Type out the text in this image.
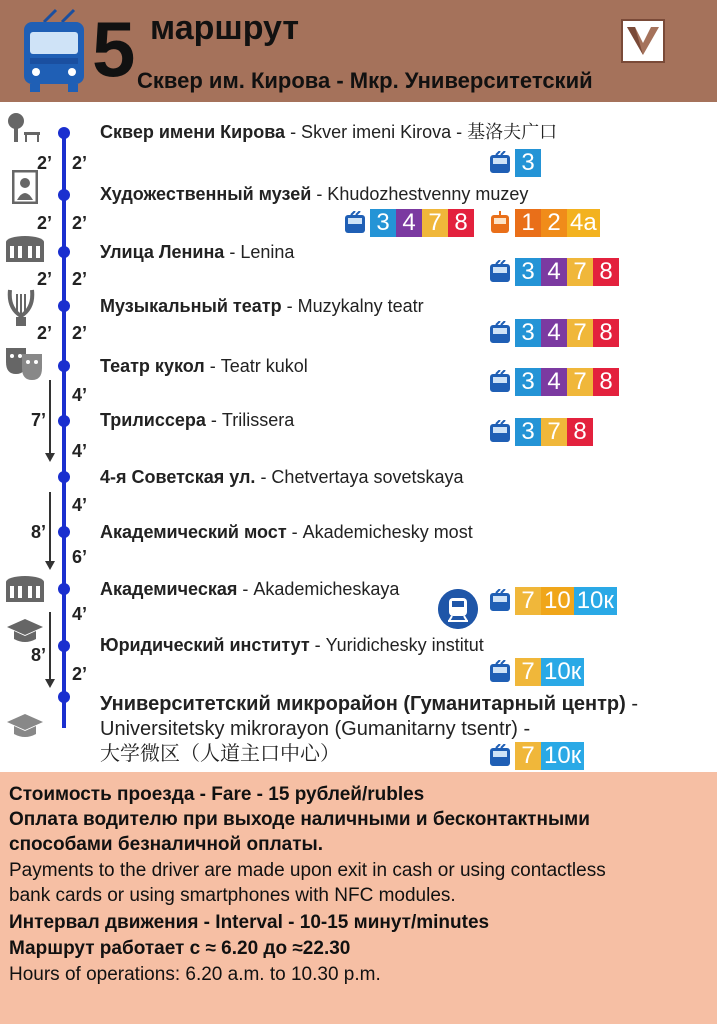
5 маршрут
Сквер им. Кирова - Мкр. Университетский
Сквер имени Кирова - Skver imeni Kirova - 基洛夫广口
Художественный музей - Khudozhestvenny muzey
Улица Ленина - Lenina
Музыкальный театр - Muzykalny teatr
Театр кукол - Teatr kukol
Трилиссера - Trilissera
4-я Советская ул. - Chetvertaya sovetskaya
Академический мост - Akademichesky most
Академическая - Akademicheskaya
Юридический институт - Yuridichesky institut
Университетский микрорайон (Гуманитарный центр) -
Universitetsky mikrorayon (Gumanitarny tsentr) -
大学微区（人道主口中心）
2’ 2’
2’ 2’
2’ 2’
2’ 2’
4’
4’
7’
4’
6’
8’
4’
2’
8’
3
3 4 7 8 1 2 4а
3 4 7 8
3 4 7 8
3 4 7 8
3 7 8
7 10 10к
7 10к
7 10к

Стоимость проезда - Fare - 15 рублей/rubles

Оплата водителю при выходе наличными и бесконтактными

способами безналичной оплаты.

Payments to the driver are made upon exit in cash or using contactless

bank cards or using smartphones with NFC modules.

Интервал движения - Interval - 10-15 минут/minutes

Маршрут работает с ≈ 6.20 до ≈22.30

Hours of operations: 6.20 a.m. to 10.30 p.m.
